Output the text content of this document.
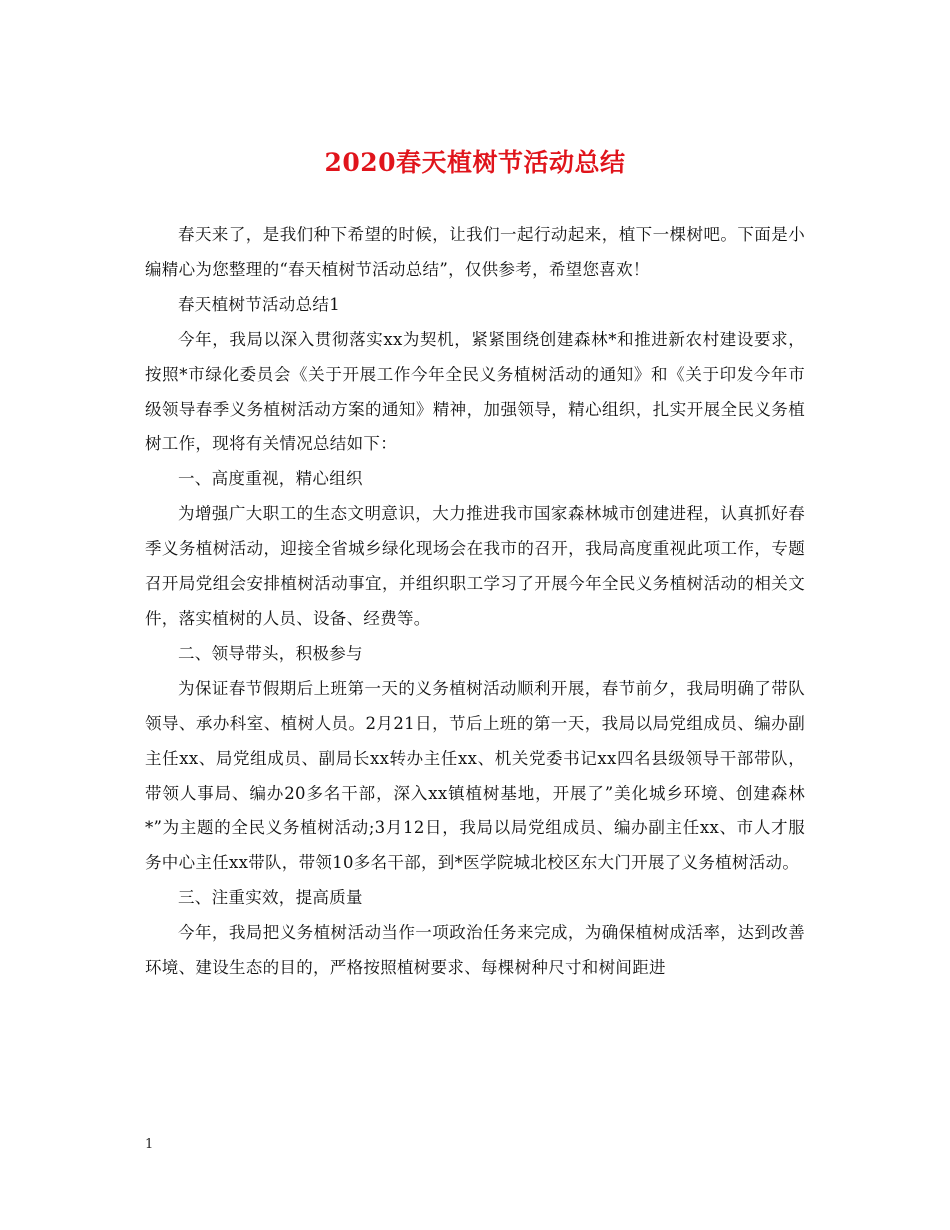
2020春天植树节活动总结

春天来了，是我们种下希望的时候，让我们一起行动起来，植下一棵树吧。下面是小编精心为您整理的“春天植树节活动总结”，仅供参考，希望您喜欢！

春天植树节活动总结1

今年，我局以深入贯彻落实xx为契机，紧紧围绕创建森林*和推进新农村建设要求，按照*市绿化委员会《关于开展工作今年全民义务植树活动的通知》和《关于印发今年市级领导春季义务植树活动方案的通知》精神，加强领导，精心组织，扎实开展全民义务植树工作，现将有关情况总结如下：

一、高度重视，精心组织

为增强广大职工的生态文明意识，大力推进我市国家森林城市创建进程，认真抓好春季义务植树活动，迎接全省城乡绿化现场会在我市的召开，我局高度重视此项工作，专题召开局党组会安排植树活动事宜，并组织职工学习了开展今年全民义务植树活动的相关文件，落实植树的人员、设备、经费等。

二、领导带头，积极参与

为保证春节假期后上班第一天的义务植树活动顺利开展，春节前夕，我局明确了带队领导、承办科室、植树人员。2月21日，节后上班的第一天，我局以局党组成员、编办副主任xx、局党组成员、副局长xx转办主任xx、机关党委书记xx四名县级领导干部带队，带领人事局、编办20多名干部，深入xx镇植树基地，开展了”美化城乡环境、创建森林*”为主题的全民义务植树活动;3月12日，我局以局党组成员、编办副主任xx、市人才服务中心主任xx带队，带领10多名干部，到*医学院城北校区东大门开展了义务植树活动。

三、注重实效，提高质量

今年，我局把义务植树活动当作一项政治任务来完成，为确保植树成活率，达到改善环境、建设生态的目的，严格按照植树要求、每棵树种尺寸和树间距进

1
